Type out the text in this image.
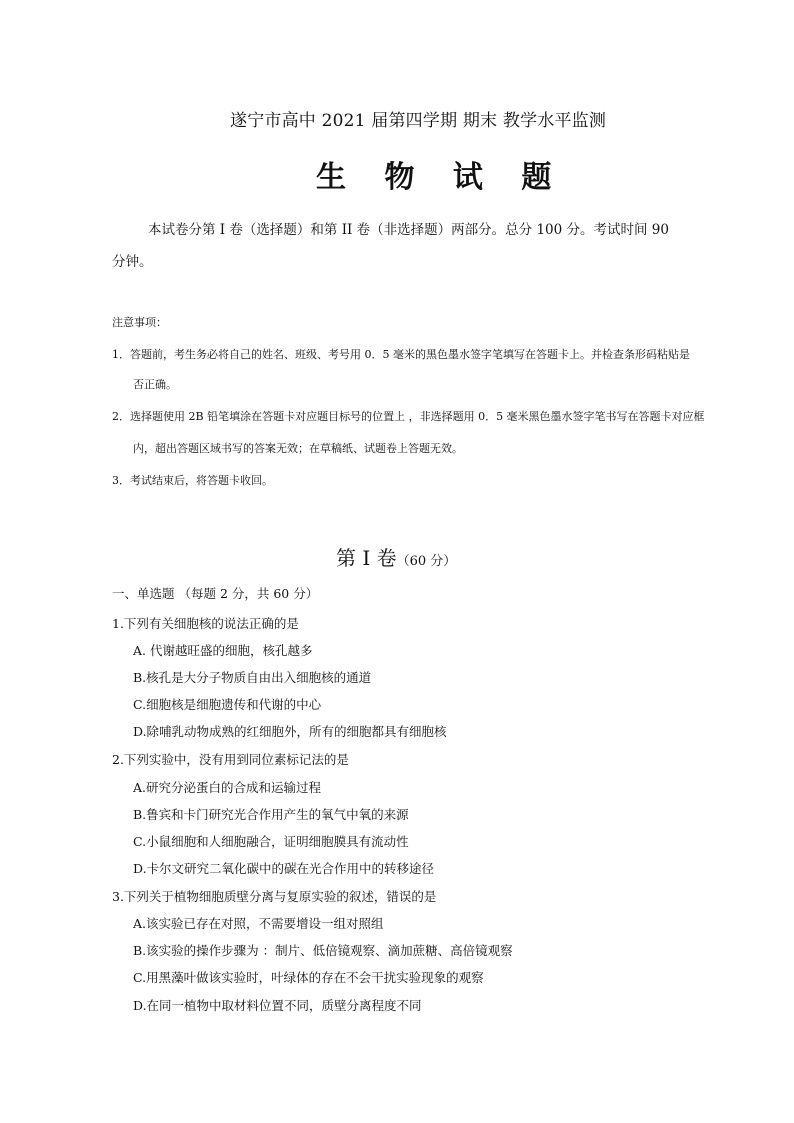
遂宁市高中 2021 届第四学期 期末 教学水平监测
生 物 试 题
本试卷分第 I 卷（选择题）和第 II 卷（非选择题）两部分。总分 100 分。考试时间 90
分钟。
注意事项：
1．答题前，考生务必将自己的姓名、班级、考号用 0．5 毫米的黑色墨水签字笔填写在答题卡上。并检查条形码粘贴是
否正确。
2．选择题使用 2B 铅笔填涂在答题卡对应题目标号的位置上 ，非选择题用 0．5 毫米黑色墨水签字笔书写在答题卡对应框
内，超出答题区域书写的答案无效；在草稿纸、试题卷上答题无效。
3．考试结束后，将答题卡收回。
第 Ⅰ 卷（60 分）
一、单选题 （每题 2 分，共 60 分）
1.下列有关细胞核的说法正确的是
A. 代谢越旺盛的细胞，核孔越多
B.核孔是大分子物质自由出入细胞核的通道
C.细胞核是细胞遗传和代谢的中心
D.除哺乳动物成熟的红细胞外，所有的细胞都具有细胞核
2.下列实验中，没有用到同位素标记法的是
A.研究分泌蛋白的合成和运输过程
B.鲁宾和卡门研究光合作用产生的氧气中氧的来源
C.小鼠细胞和人细胞融合，证明细胞膜具有流动性
D.卡尔文研究二氧化碳中的碳在光合作用中的转移途径
3.下列关于植物细胞质壁分离与复原实验的叙述，错误的是
A.该实验已存在对照，不需要增设一组对照组
B.该实验的操作步骤为 ：制片、低倍镜观察、滴加蔗糖、高倍镜观察
C.用黑藻叶做该实验时，叶绿体的存在不会干扰实验现象的观察
D.在同一植物中取材料位置不同，质壁分离程度不同
